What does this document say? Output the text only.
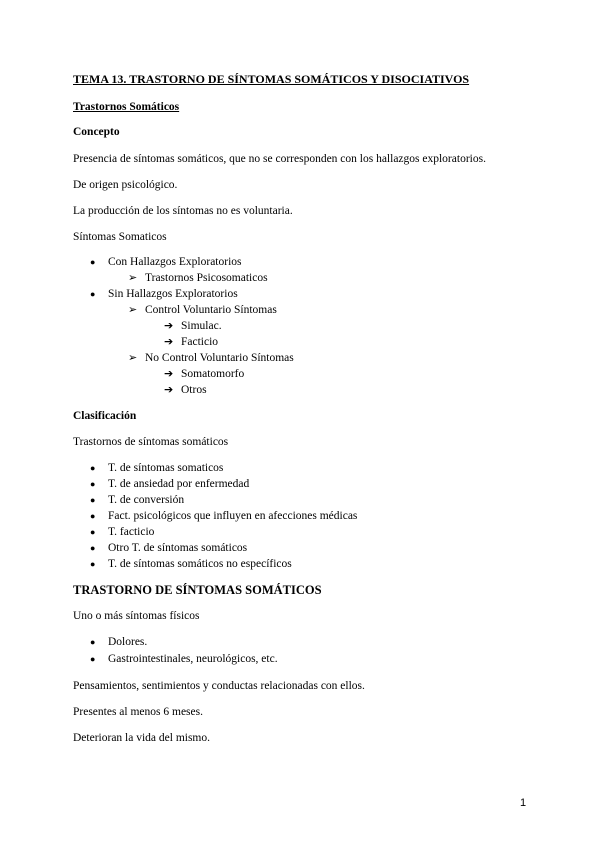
TEMA 13. TRASTORNO DE SÍNTOMAS SOMÁTICOS Y DISOCIATIVOS
Trastornos Somáticos
Concepto
Presencia de síntomas somáticos, que no se corresponden con los hallazgos exploratorios.
De origen psicológico.
La producción de los síntomas no es voluntaria.
Síntomas Somaticos
● Con Hallazgos Exploratorios
➢ Trastornos Psicosomaticos
● Sin Hallazgos Exploratorios
➢ Control Voluntario Síntomas
➔ Simulac.
➔ Facticio
➢ No Control Voluntario Síntomas
➔ Somatomorfo
➔ Otros
Clasificación
Trastornos de síntomas somáticos
● T. de síntomas somaticos
● T. de ansiedad por enfermedad
● T. de conversión
● Fact. psicológicos que influyen en afecciones médicas
● T. facticio
● Otro T. de síntomas somáticos
● T. de síntomas somáticos no específicos
TRASTORNO DE SÍNTOMAS SOMÁTICOS
Uno o más síntomas físicos
● Dolores.
● Gastrointestinales, neurológicos, etc.
Pensamientos, sentimientos y conductas relacionadas con ellos.
Presentes al menos 6 meses.
Deterioran la vida del mismo.
1
